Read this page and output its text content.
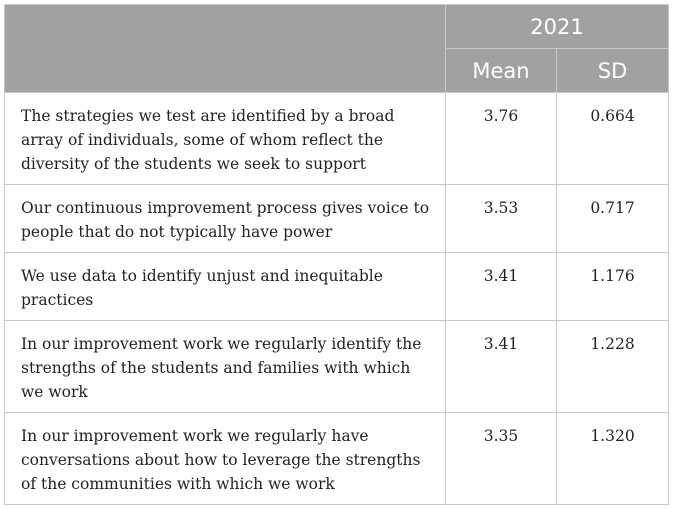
	2021	
	Mean	SD
The strategies we test are identified by a broad array of individuals, some of whom reflect the diversity of the students we seek to support	3.76	0.664
Our continuous improvement process gives voice to people that do not typically have power	3.53	0.717
We use data to identify unjust and inequitable practices	3.41	1.176
In our improvement work we regularly identify the strengths of the students and families with which we work	3.41	1.228
In our improvement work we regularly have conversations about how to leverage the strengths of the communities with which we work	3.35	1.320
